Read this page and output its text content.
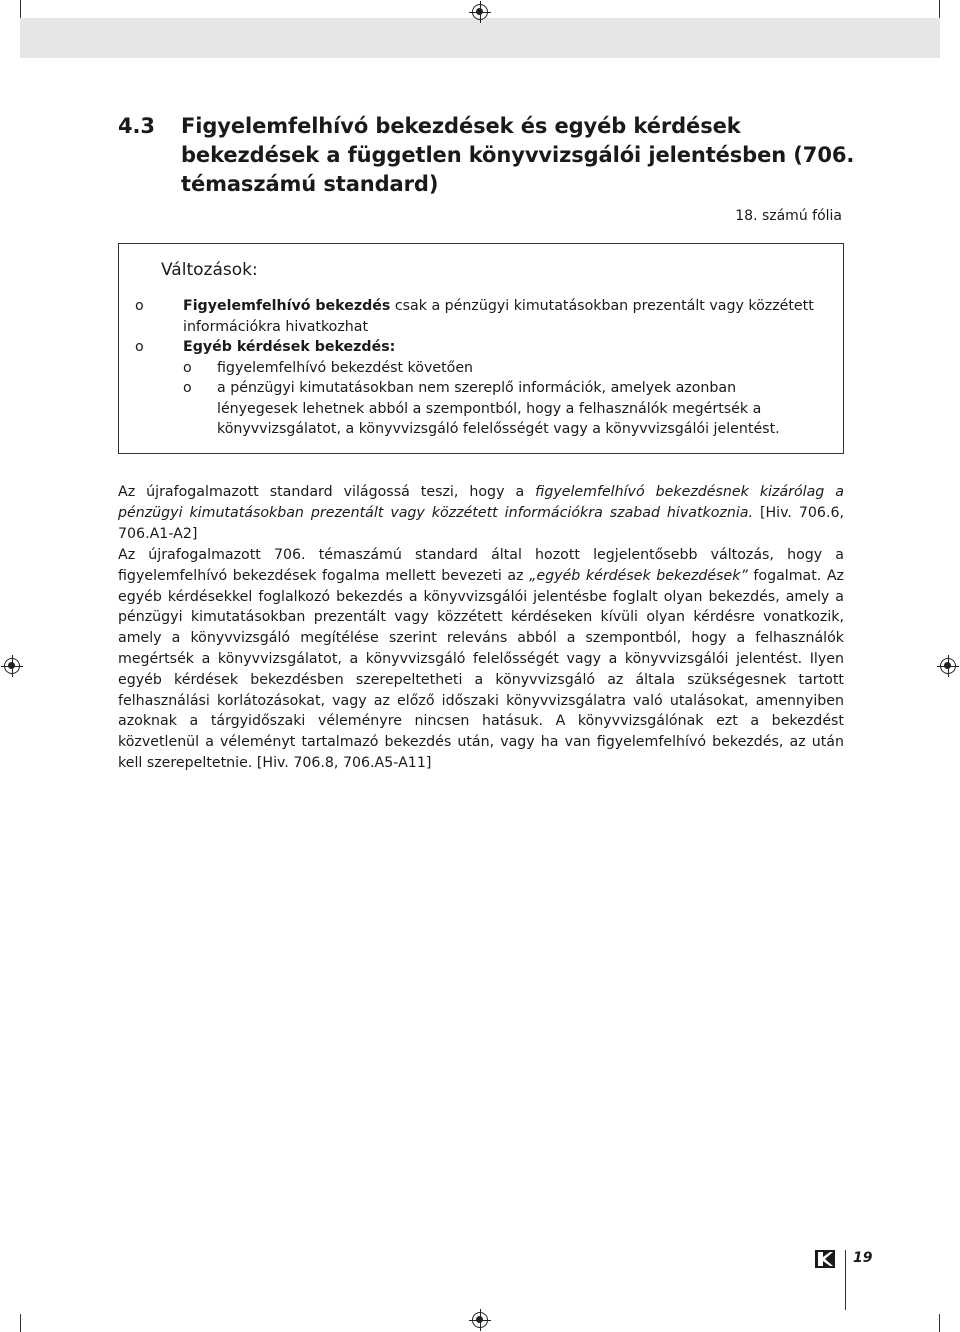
4.3 Figyelemfelhívó bekezdések és egyéb kérdések bekezdések a független könyvvizsgálói jelentésben (706. témaszámú standard)
18. számú fólia
Változások:
o	Figyelemfelhívó bekezdés csak a pénzügyi kimutatásokban prezentált vagy közzétett információkra hivatkozhat
o	Egyéb kérdések bekezdés:
o figyelemfelhívó bekezdést követően
o a pénzügyi kimutatásokban nem szereplő információk, amelyek azonban lényegesek lehetnek abból a szempontból, hogy a felhasználók megértsék a könyvvizsgálatot, a könyvvizsgáló felelősségét vagy a könyvvizsgálói jelentést.
Az újrafogalmazott standard világossá teszi, hogy a figyelemfelhívó bekezdésnek kizárólag a pénzügyi kimutatásokban prezentált vagy közzétett információkra szabad hivatkoznia. [Hiv. 706.6, 706.A1-A2]
Az újrafogalmazott 706. témaszámú standard által hozott legjelentősebb változás, hogy a figyelemfelhívó bekezdések fogalma mellett bevezeti az „egyéb kérdések bekezdések” fogalmat. Az egyéb kérdésekkel foglalkozó bekezdés a könyvvizsgálói jelentésbe foglalt olyan bekezdés, amely a pénzügyi kimutatásokban prezentált vagy közzétett kérdéseken kívüli olyan kérdésre vonatkozik, amely a könyvvizsgáló megítélése szerint releváns abból a szempontból, hogy a felhasználók megértsék a könyvvizsgálatot, a könyvvizsgáló felelősségét vagy a könyvvizsgálói jelentést. Ilyen egyéb kérdések bekezdésben szerepeltetheti a könyvvizsgáló az általa szükségesnek tartott felhasználási korlátozásokat, vagy az előző időszaki könyvvizsgálatra való utalásokat, amennyiben azoknak a tárgyidőszaki véleményre nincsen hatásuk. A könyvvizsgálónak ezt a bekezdést közvetlenül a véleményt tartalmazó bekezdés után, vagy ha van figyelemfelhívó bekezdés, az után kell szerepeltetnie. [Hiv. 706.8, 706.A5-A11]
19
